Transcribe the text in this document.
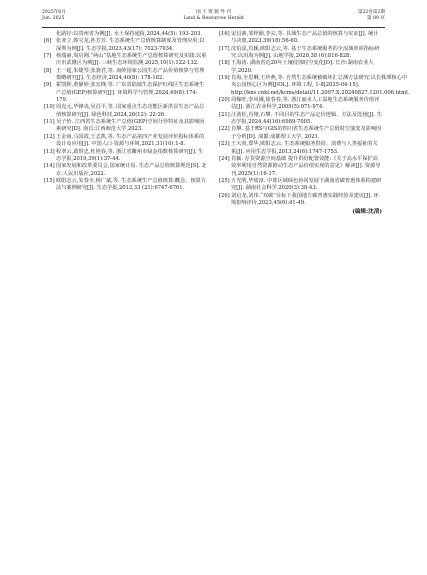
2025年6月
Jun. 2025
国 土 资 源 导 刊
Land & Resources Herald
第22卷第2期
第 89 页
化路径:以贵州省为例[J]. 水土保持通报,2024,44(5): 193-203.
[6] 张亚立,韩宝龙,孙芳芳. 生态系统生产总值核算制度及管理应用:以深圳为例[J]. 生态学报,2023,43(17): 7023-7034.
[7] 杨瑞丽,周启刚.“两山”基地生态系统生产总值核算研究及实践:以重庆市武隆区为例[J]. 三峡生态环境监测,2025,10(1):122-132.
[8] 王一超,朱婕琴,张骁君,等. 南岭国家公园生态产品价值核算与管理策略研究[J]. 生态经济,2024,40(8): 178-182.
[9] 霍凯辉,黄静婷,张宏锋,等. 广东省陆域生态保护红线区生态系统生产总值(GEP)核算研究[J]. 环境科学与管理,2024,49(8):174-179.
[10] 周克元,毕锋央,吴昌平,等. 国家重点生态功能区新洪县生态产品总值核算研究[J]. 绿色科技,2024,26(12): 22-26.
[11] 吴子怡. 江西省生态系统生产总值(GEP)空间分异特征及其影响因素研究[D]. 南昌:江西师范大学,2023.
[12] 王金南,马国霞,王志凯,等. 生态产品第四产业发展评价指标体系的设计及应用[J]. 中国人口·资源与环境,2021,31(10):1-8.
[13] 程翠云,葛察忠,杜艳春,等. 浙江省衢州市绿金指数核算研究[J]. 生态学报,2019,39(1):37-44.
[14] 国家发展和改革委员会,国家统计局. 生态产品总值核算规范[S]. 北京:人民出版社,2022.
[15] 欧阳志云,朱春全,杨广斌,等. 生态系统生产总值核算:概念、核算方法与案例研究[J]. 生态学报,2013,33 (21):6747-6761.
[16] 宋昌素,邹梓颖,李玄,等. 县域生态产品总值的核算与实证[J]. 统计与决策,2023,39(18):56-60.
[17] 沈伯泓,肖颖,欧阳志云,等. 基于生态系统服务的全流域单项指标研究:以洱海为例[J]. 山地学报,2020,38 (6):816-828.
[18] 王海涛. 湖南省近20年土壤侵蚀时空变化[D]. 长沙:湖南农业大学,2020.
[19] 肖海,全思琳,王珍燕,等. 自然生态系统被破坏汇总测方法研究:以长株潭核心中央公园核心区为例[J/OL]. 环境工程, 1-8[2025-04-15]. http://kns.cnki.net/kcms/detail/11.2097.X.20240827.1201.006.html.
[20] 周稼旺,李风娥,徐春春,等. 浙江丽水人工湿地生态系统服务价值评估[J]. 浙江农业科学,2009(5):971-974.
[21] 汪劲松,肖翔,石攀. 不同目的生态产品定价逻辑、方法及选择[J]. 生态学报,2024,44(16):6989-7005.
[22] 肖攀. 基于RS与GIS的四川省生态系统生产总值时空演变及影响因子分析[D]. 成都:成都理工大学, 2021.
[23] 王大尚,郑华,欧阳志云. 生态系统服务供给、消费与人类福祉的关系[J]. 应用生态学报,2013,24(6):1747-1753.
[24] 肖颖. 存货资源空间基础 提升供给配置效能:《关于高水平保护高效率利用自然资源推动生态产品价值实现的意见》解读[J]. 资源导刊,2025(1):16-17.
[25] 万光明,毕琦淳. 中部区域绿色协同发展下湖南省碳普惠体系构建研究[J]. 湖南社会科学,2020(3):38-43.
[26] 刘启龙,刘伟.“双碳”目标下我国地方碳普惠实践经验及建议[J]. 环境影响评价,2023,45(6):41-49.
(编辑:沈清)
